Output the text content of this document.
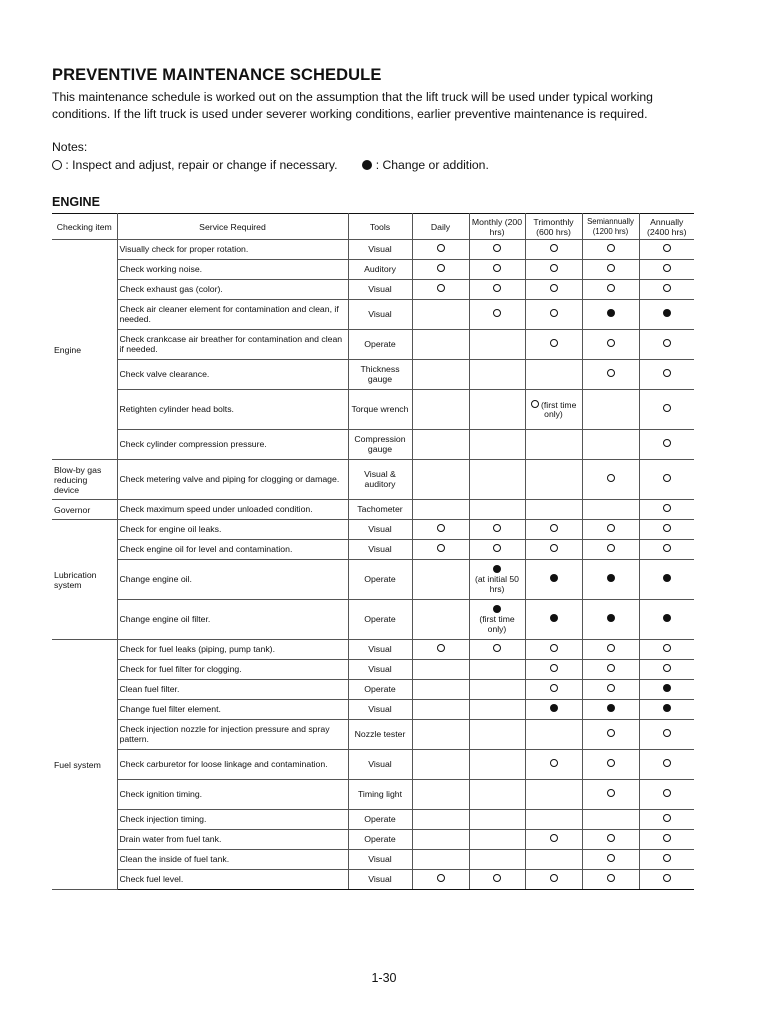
PREVENTIVE MAINTENANCE SCHEDULE

This maintenance schedule is worked out on the assumption that the lift truck will be used under typical working conditions. If the lift truck is used under severer working conditions, earlier preventive maintenance is required.

Notes:
: Inspect and adjust, repair or change if necessary.	: Change or addition.
ENGINE
Checking item	Service Required	Tools	Daily	Monthly (200 hrs)	Trimonthly (600 hrs)	Semiannually (1200 hrs)	Annually (2400 hrs)
Engine	Visually check for proper rotation.	Visual					
	Check working noise.	Auditory					
	Check exhaust gas (color).	Visual					
	Check air cleaner element for contamination and clean, if needed.	Visual					
	Check crankcase air breather for contamination and clean if needed.	Operate					
	Check valve clearance.	Thickness gauge					
	Retighten cylinder head bolts.	Torque wrench			(first time only)		
	Check cylinder compression pressure.	Compression gauge					
Blow-by gas reducing device	Check metering valve and piping for clogging or damage.	Visual & auditory					
Governor	Check maximum speed under unloaded condition.	Tachometer					
Lubrication system	Check for engine oil leaks.	Visual					
	Check engine oil for level and contamination.	Visual					
	Change engine oil.	Operate		(at initial 50 hrs)			

	Change engine oil filter.	Operate		(first time only)			

Fuel system	Check for fuel leaks (piping, pump tank).	Visual					
	Check for fuel filter for clogging.	Visual					
	Clean fuel filter.	Operate					
	Change fuel filter element.	Visual					
	Check injection nozzle for injection pressure and spray pattern.	Nozzle tester					
	Check carburetor for loose linkage and contamination.	Visual					
	Check ignition timing.	Timing light					
	Check injection timing.	Operate					
	Drain water from fuel tank.	Operate					
	Clean the inside of fuel tank.	Visual					
	Check fuel level.	Visual					
1-30
